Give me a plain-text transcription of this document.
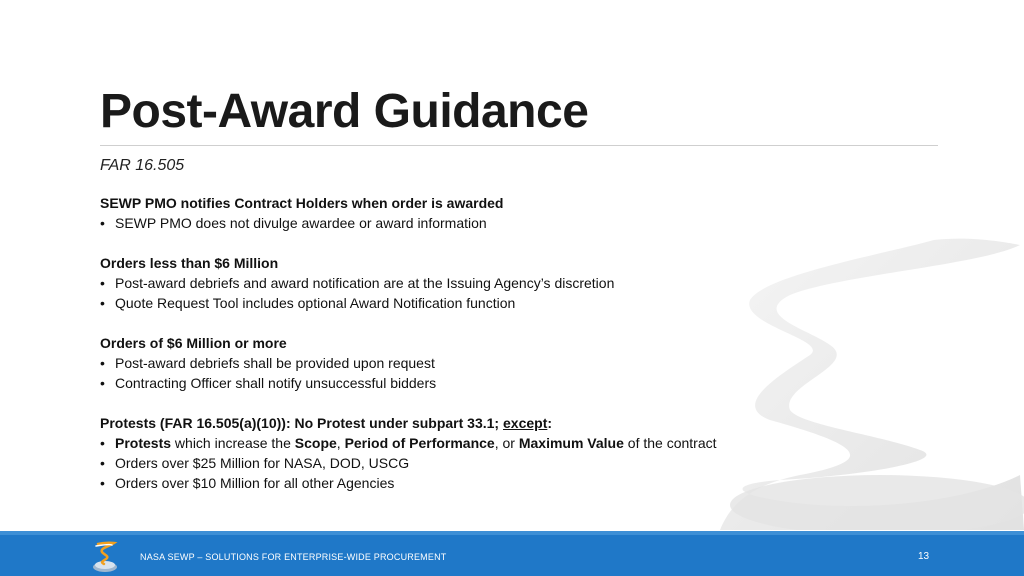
Post-Award Guidance
FAR 16.505
SEWP PMO notifies Contract Holders when order is awarded
• SEWP PMO does not divulge awardee or award information
Orders less than $6 Million
• Post-award debriefs and award notification are at the Issuing Agency’s discretion
• Quote Request Tool includes optional Award Notification function
Orders of $6 Million or more
• Post-award debriefs shall be provided upon request
• Contracting Officer shall notify unsuccessful bidders
Protests (FAR 16.505(a)(10)): No Protest under subpart 33.1; except:
• Protests which increase the Scope, Period of Performance, or Maximum Value of the contract
• Orders over $25 Million for NASA, DOD, USCG
• Orders over $10 Million for all other Agencies
NASA SEWP – SOLUTIONS FOR ENTERPRISE-WIDE PROCUREMENT	13
